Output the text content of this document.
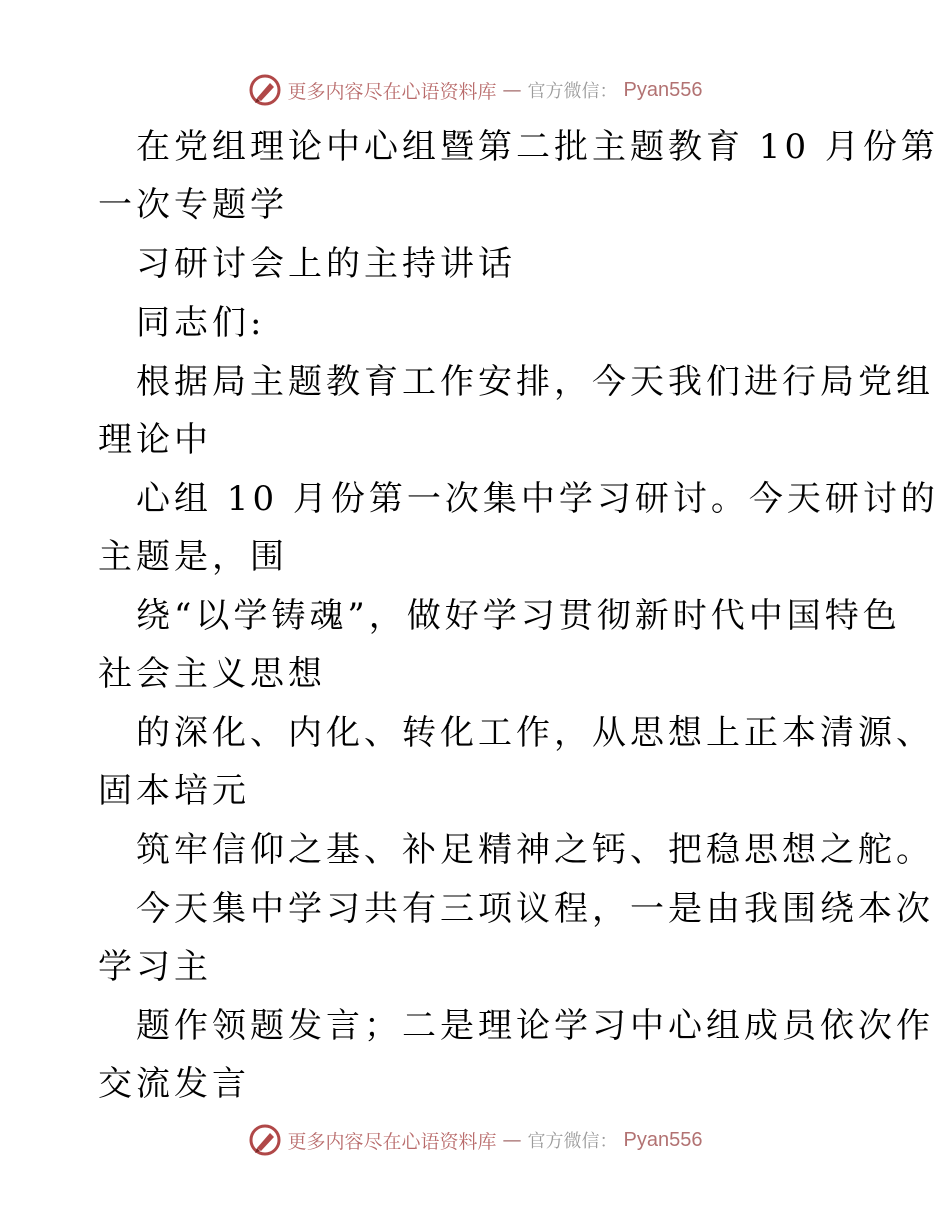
更多内容尽在心语资料库 — 官方微信： Pyan556
在党组理论中心组暨第二批主题教育 10 月份第
一次专题学
习研讨会上的主持讲话
同志们:
根据局主题教育工作安排，今天我们进行局党组
理论中
心组 10 月份第一次集中学习研讨。今天研讨的
主题是，围
绕“以学铸魂”，做好学习贯彻新时代中国特色
社会主义思想
的深化、内化、转化工作，从思想上正本清源、
固本培元
筑牢信仰之基、补足精神之钙、把稳思想之舵。
今天集中学习共有三项议程，一是由我围绕本次
学习主
题作领题发言；二是理论学习中心组成员依次作
交流发言
更多内容尽在心语资料库 — 官方微信： Pyan556
